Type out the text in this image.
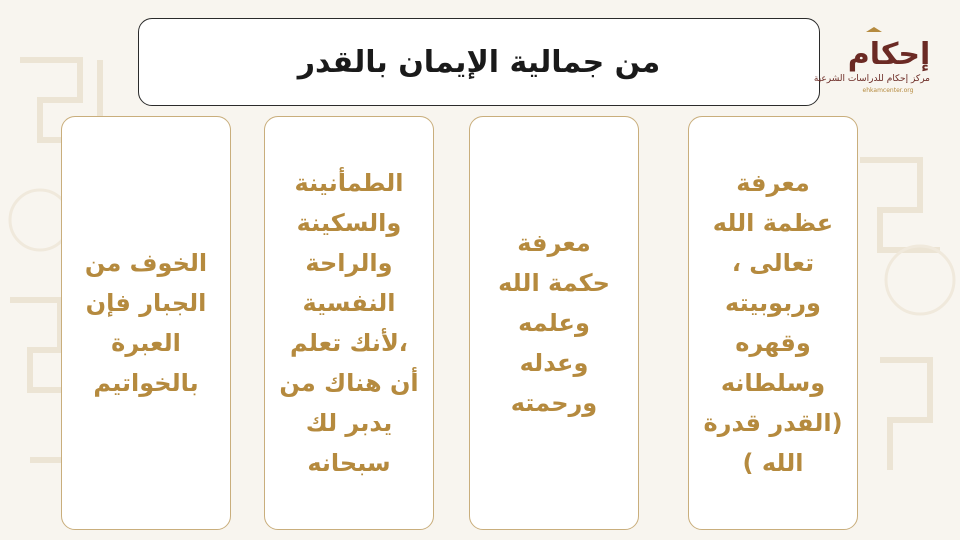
من جمالية الإيمان بالقدر
معرفة
عظمة الله
تعالى ،
وربوبيته
وقهره
وسلطانه
(القدر قدرة
الله )
معرفة
حكمة الله
وعلمه
وعدله
ورحمته
الطمأنينة
والسكينة
والراحة
النفسية
،لأنك تعلم
أن هناك من
يدبر لك
سبحانه
الخوف من
الجبار فإن
العبرة
بالخواتيم
إحكام
مركز إحكام للدراسات الشرعية
ehkamcenter.org
